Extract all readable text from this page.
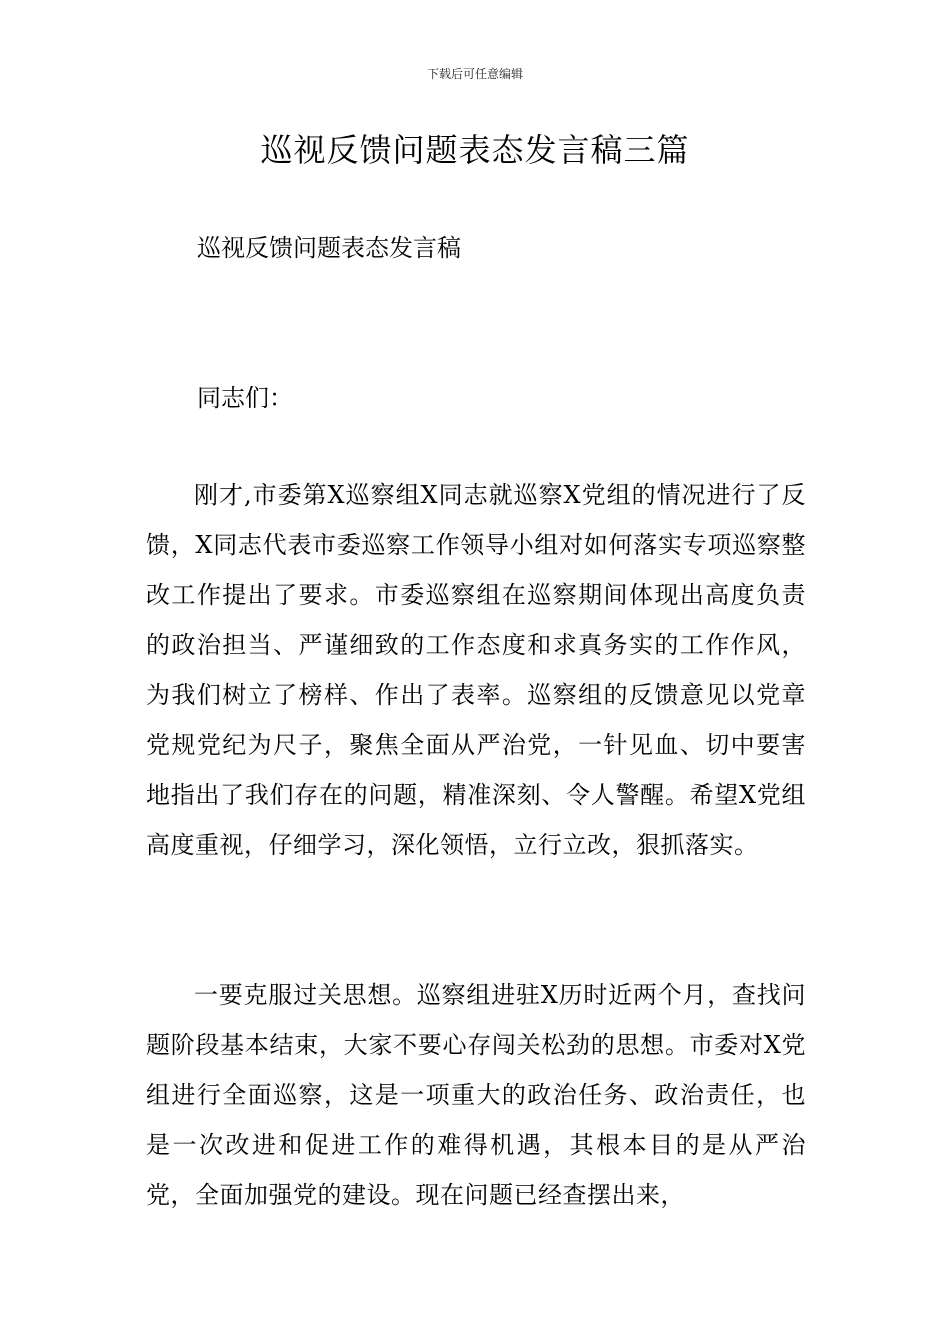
下载后可任意编辑
巡视反馈问题表态发言稿三篇

巡视反馈问题表态发言稿

同志们：

刚才,市委第X巡察组X同志就巡察X党组的情况进行了反馈，X同志代表市委巡察工作领导小组对如何落实专项巡察整改工作提出了要求。市委巡察组在巡察期间体现出高度负责的政治担当、严谨细致的工作态度和求真务实的工作作风，为我们树立了榜样、作出了表率。巡察组的反馈意见以党章党规党纪为尺子，聚焦全面从严治党，一针见血、切中要害地指出了我们存在的问题，精准深刻、令人警醒。希望X党组高度重视，仔细学习，深化领悟，立行立改，狠抓落实。

一要克服过关思想。巡察组进驻X历时近两个月，查找问题阶段基本结束，大家不要心存闯关松劲的思想。市委对X党组进行全面巡察，这是一项重大的政治任务、政治责任，也是一次改进和促进工作的难得机遇，其根本目的是从严治党，全面加强党的建设。现在问题已经查摆出来，
